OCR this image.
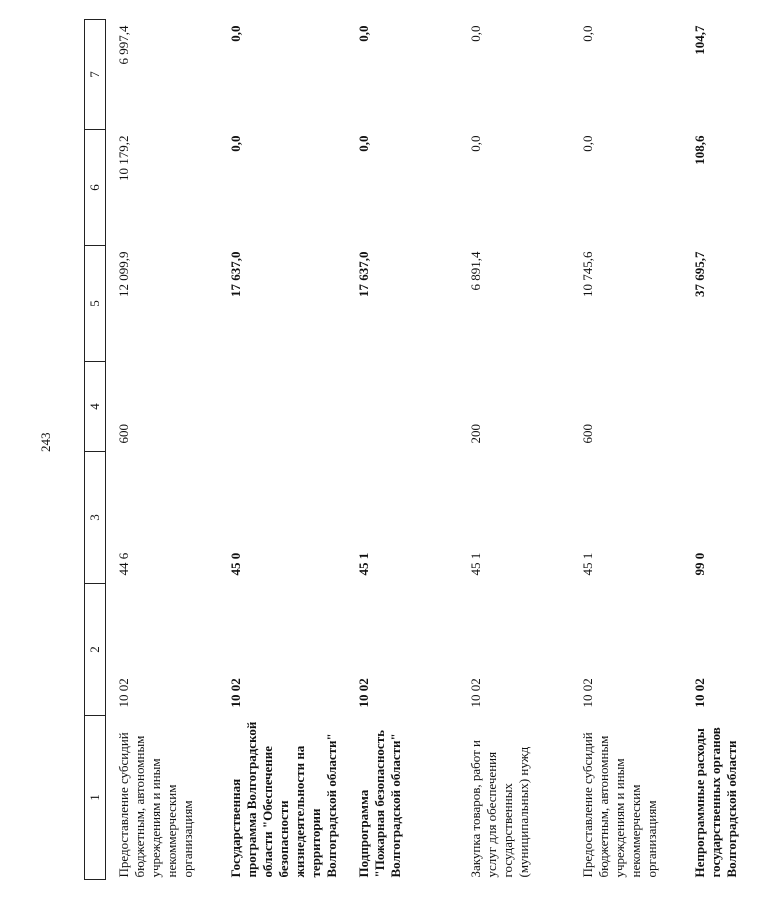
243
1	2	3	4	5	6	7
Предоставление субсидий бюджетным, автономным учреждениям и иным некоммерческим организациям	10 02	44 6	600	12 099,9	10 179,2	6 997,4
Государственная программа Волгоградской области "Обеспечение безопасности жизнедеятельности на территории Волгоградской области"	10 02	45 0		17 637,0	0,0	0,0
Подпрограмма "Пожарная безопасность Волгоградской области"	10 02	45 1		17 637,0	0,0	0,0
Закупка товаров, работ и услуг для обеспечения государственных (муниципальных) нужд	10 02	45 1	200	6 891,4	0,0	0,0
Предоставление субсидий бюджетным, автономным учреждениям и иным некоммерческим организациям	10 02	45 1	600	10 745,6	0,0	0,0
Непрограммные расходы государственных органов Волгоградской области	10 02	99 0		37 695,7	108,6	104,7
